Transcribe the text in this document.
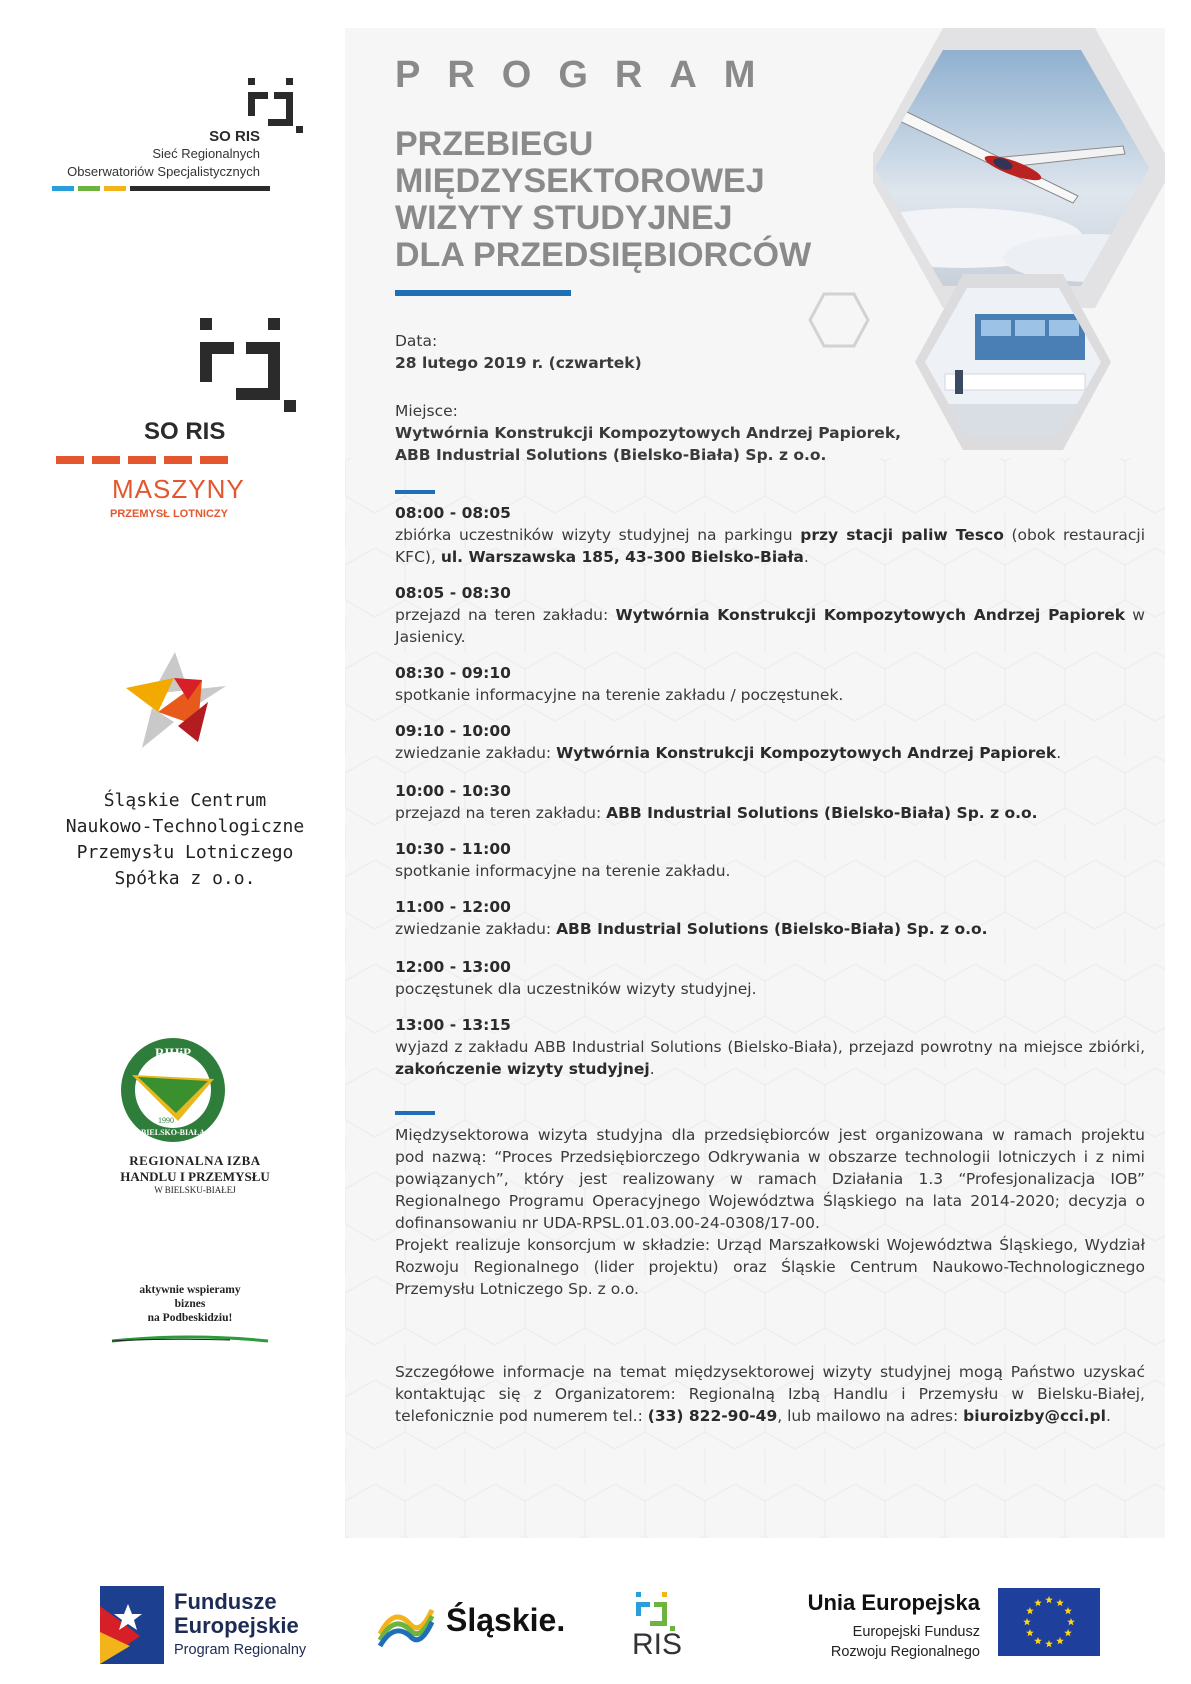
SO RIS
Sieć Regionalnych
Obserwatoriów Specjalistycznych
SO RIS
MASZYNY
PRZEMYSŁ LOTNICZY
Śląskie Centrum
Naukowo-Technologiczne
Przemysłu Lotniczego
Spółka z o.o.
RIHiP
1990
BIELSKO-BIAŁA
REGIONALNA IZBA
HANDLU I PRZEMYSŁU
W BIELSKU-BIAŁEJ
aktywnie wspieramy
biznes
na Podbeskidziu!
PROGRAM
PRZEBIEGU
MIĘDZYSEKTOROWEJ
WIZYTY STUDYJNEJ
DLA PRZEDSIĘBIORCÓW
Data:
28 lutego 2019 r. (czwartek)
Miejsce:
Wytwórnia Konstrukcji Kompozytowych Andrzej Papiorek,
ABB Industrial Solutions (Bielsko-Biała) Sp. z o.o.
08:00 - 08:05
zbiórka uczestników wizyty studyjnej na parkingu przy stacji paliw Tesco (obok restauracji KFC), ul. Warszawska 185, 43-300 Bielsko-Biała.
08:05 - 08:30
przejazd na teren zakładu: Wytwórnia Konstrukcji Kompozytowych Andrzej Papiorek w Jasienicy.
08:30 - 09:10
spotkanie informacyjne na terenie zakładu / poczęstunek.
09:10 - 10:00
zwiedzanie zakładu: Wytwórnia Konstrukcji Kompozytowych Andrzej Papiorek.
10:00 - 10:30
przejazd na teren zakładu: ABB Industrial Solutions (Bielsko-Biała) Sp. z o.o.
10:30 - 11:00
spotkanie informacyjne na terenie zakładu.
11:00 - 12:00
zwiedzanie zakładu: ABB Industrial Solutions (Bielsko-Biała) Sp. z o.o.
12:00 - 13:00
poczęstunek dla uczestników wizyty studyjnej.
13:00 - 13:15
wyjazd z zakładu ABB Industrial Solutions (Bielsko-Biała), przejazd powrotny na miejsce zbiórki, zakończenie wizyty studyjnej.
Międzysektorowa wizyta studyjna dla przedsiębiorców jest organizowana w ramach projektu pod nazwą: “Proces Przedsiębiorczego Odkrywania w obszarze technologii lotniczych i z nimi powiązanych”, który jest realizowany w ramach Działania 1.3 “Profesjonalizacja IOB” Regionalnego Programu Operacyjnego Województwa Śląskiego na lata 2014-2020; decyzja o dofinansowaniu nr UDA-RPSL.01.03.00-24-0308/17-00.
Projekt realizuje konsorcjum w składzie: Urząd Marszałkowski Województwa Śląskiego, Wydział Rozwoju Regionalnego (lider projektu) oraz Śląskie Centrum Naukowo-Technologicznego Przemysłu Lotniczego Sp. z o.o.
Szczegółowe informacje na temat międzysektorowej wizyty studyjnej mogą Państwo uzyskać kontaktując się z Organizatorem: Regionalną Izbą Handlu i Przemysłu w Bielsku-Białej, telefonicznie pod numerem tel.: (33) 822-90-49, lub mailowo na adres: biuroizby@cci.pl.
Fundusze
Europejskie
Program Regionalny
Śląskie.
RIS
Unia Europejska
Europejski Fundusz
Rozwoju Regionalnego
